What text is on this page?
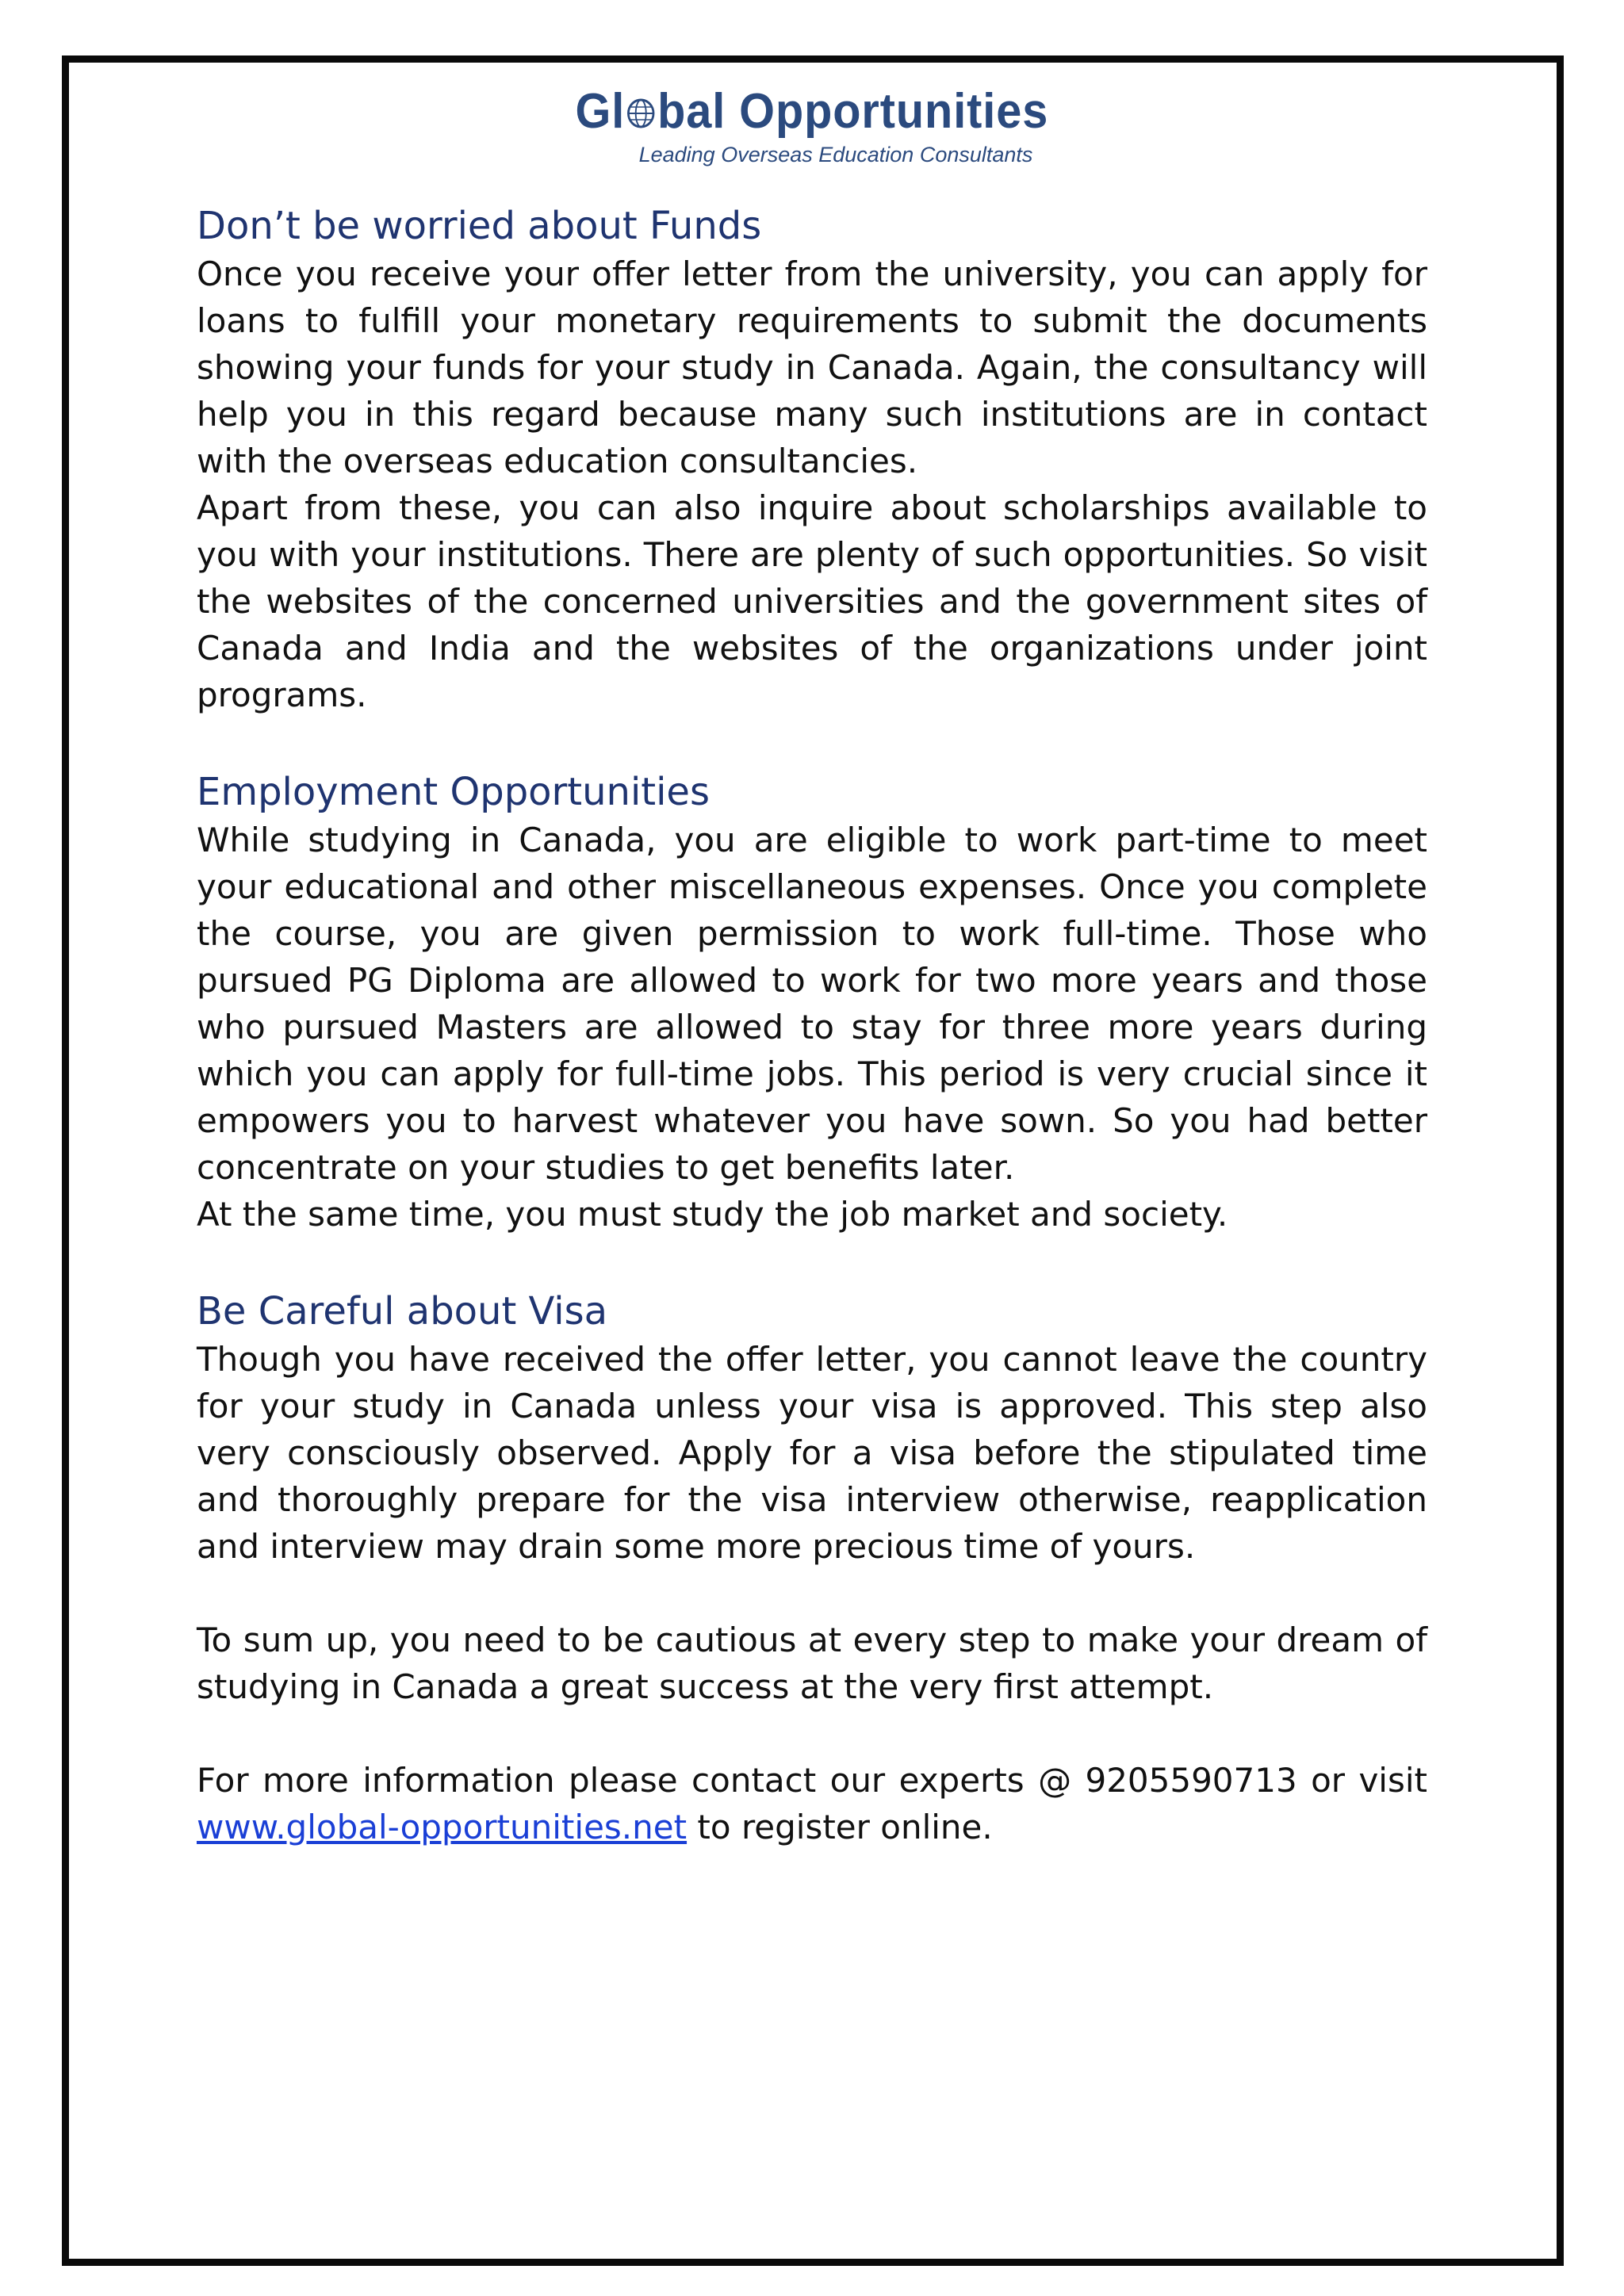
Gl bal Opportunities
Leading Overseas Education Consultants
Don’t be worried about Funds

Once you receive your offer letter from the university, you can apply for loans to fulfill your monetary requirements to submit the documents showing your funds for your study in Canada. Again, the consultancy will help you in this regard because many such institutions are in contact with the overseas education consultancies.

Apart from these, you can also inquire about scholarships available to you with your institutions. There are plenty of such opportunities. So visit the websites of the concerned universities and the government sites of Canada and India and the websites of the organizations under joint programs.

Employment Opportunities

While studying in Canada, you are eligible to work part-time to meet your educational and other miscellaneous expenses. Once you complete the course, you are given permission to work full-time. Those who pursued PG Diploma are allowed to work for two more years and those who pursued Masters are allowed to stay for three more years during which you can apply for full-time jobs. This period is very crucial since it empowers you to harvest whatever you have sown. So you had better concentrate on your studies to get benefits later.

At the same time, you must study the job market and society.

Be Careful about Visa

Though you have received the offer letter, you cannot leave the country for your study in Canada unless your visa is approved. This step also very consciously observed. Apply for a visa before the stipulated time and thoroughly prepare for the visa interview otherwise, reapplication and interview may drain some more precious time of yours.

To sum up, you need to be cautious at every step to make your dream of studying in Canada a great success at the very first attempt.

For more information please contact our experts @ 9205590713 or visit www.global-opportunities.net to register online.
